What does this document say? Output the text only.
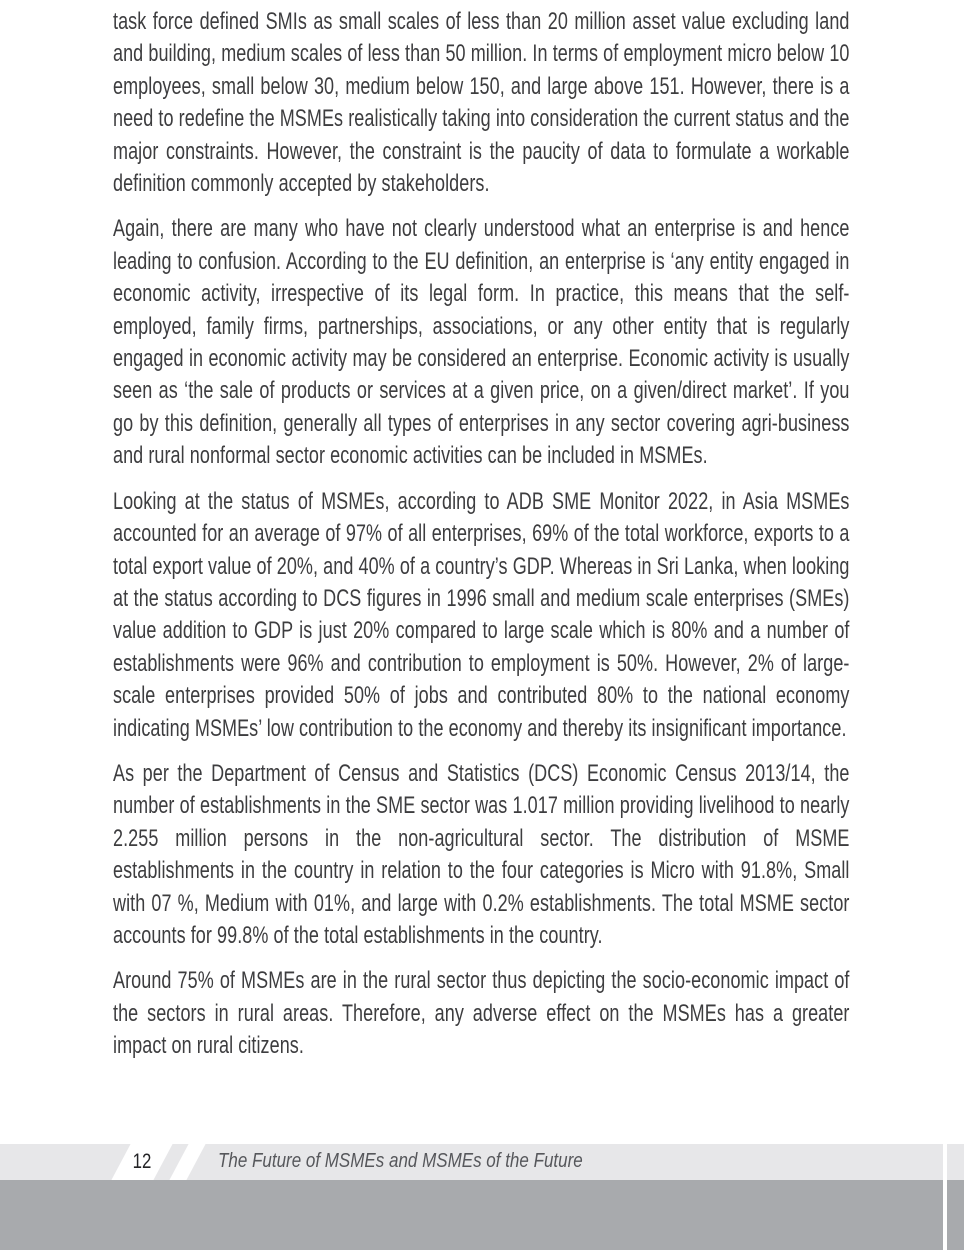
task force defined SMIs as small scales of less than 20 million asset value excluding land and building, medium scales of less than 50 million. In terms of employment micro below 10 employees, small below 30, medium below 150, and large above 151. However, there is a need to redefine the MSMEs realistically taking into consideration the current status and the major constraints. However, the constraint is the paucity of data to formulate a workable definition commonly accepted by stakeholders.

Again, there are many who have not clearly understood what an enterprise is and hence leading to confusion. According to the EU definition, an enterprise is ‘any entity engaged in economic activity, irrespective of its legal form. In practice, this means that the self-employed, family firms, partnerships, associations, or any other entity that is regularly engaged in economic activity may be considered an enterprise. Economic activity is usually seen as ‘the sale of products or services at a given price, on a given/direct market’. If you go by this definition, generally all types of enterprises in any sector covering agri-business and rural nonformal sector economic activities can be included in MSMEs.

Looking at the status of MSMEs, according to ADB SME Monitor 2022, in Asia MSMEs accounted for an average of 97% of all enterprises, 69% of the total workforce, exports to a total export value of 20%, and 40% of a country’s GDP. Whereas in Sri Lanka, when looking at the status according to DCS figures in 1996 small and medium scale enterprises (SMEs) value addition to GDP is just 20% compared to large scale which is 80% and a number of establishments were 96% and contribution to employment is 50%. However, 2% of large-scale enterprises provided 50% of jobs and contributed 80% to the national economy indicating MSMEs’ low contribution to the economy and thereby its insignificant importance.

As per the Department of Census and Statistics (DCS) Economic Census 2013/14, the number of establishments in the SME sector was 1.017 million providing livelihood to nearly 2.255 million persons in the non-agricultural sector. The distribution of MSME establishments in the country in relation to the four categories is Micro with 91.8%, Small with 07 %, Medium with 01%, and large with 0.2% establishments. The total MSME sector accounts for 99.8% of the total establishments in the country.

Around 75% of MSMEs are in the rural sector thus depicting the socio-economic impact of the sectors in rural areas. Therefore, any adverse effect on the MSMEs has a greater impact on rural citizens.

12	The Future of MSMEs and MSMEs of the Future
